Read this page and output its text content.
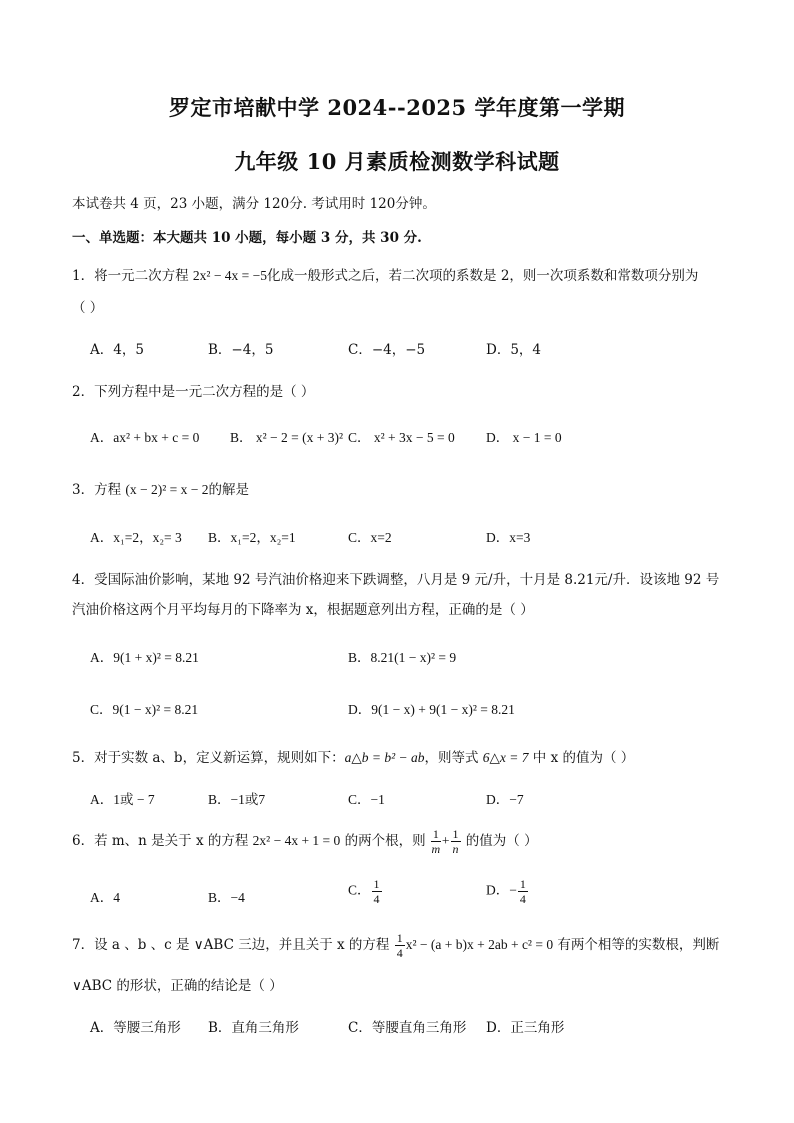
罗定市培献中学 2024--2025 学年度第一学期
九年级 10 月素质检测数学科试题
本试卷共 4 页，23 小题，满分 120分. 考试用时 120分钟。
一、单选题：本大题共 10 小题，每小题 3 分，共 30 分.
1．将一元二次方程 2x² − 4x = −5化成一般形式之后，若二次项的系数是 2，则一次项系数和常数项分别为
（ ）
A．4，5	B．−4，5	C．−4，−5	D．5，4
2．下列方程中是一元二次方程的是（ ）
A．ax² + bx + c = 0 B． x² − 2 = (x + 3)² C． x² + 3x − 5 = 0 D． x − 1 = 0
3．方程 (x − 2)² = x − 2的解是
A．x₁=2，x₂= 3 B．x₁=2，x₂=1	C．x=2	D．x=3
4．受国际油价影响，某地 92 号汽油价格迎来下跌调整，八月是 9 元/升，十月是 8.21元/升．设该地 92 号
汽油价格这两个月平均每月的下降率为 x，根据题意列出方程，正确的是（ ）
A．9(1 + x)² = 8.21	B．8.21(1 − x)² = 9
C．9(1 − x)² = 8.21	D．9(1 − x) + 9(1 − x)² = 8.21
5．对于实数 a、b，定义新运算，规则如下：a△b = b² − ab，则等式 6△x = 7 中 x 的值为（ ）
A．1或 − 7	B．−1或7	C．−1	D．−7
6．若 m、n 是关于 x 的方程 2x² − 4x + 1 = 0 的两个根，则 $\frac{1}{m} + \frac{1}{n}$ 的值为（ ）
A．4	B．−4	C． $\frac{1}{4}$	D．− $\frac{1}{4}$
7．设 a 、b 、c 是 ∨ABC 三边，并且关于 x 的方程 $\frac{1}{4} x^2 - (a + b)x + 2ab + c^2 = 0$ 有两个相等的实数根，判断
∨ABC 的形状，正确的结论是（ ）
A．等腰三角形 B．直角三角形	C．等腰直角三角形 D．正三角形
